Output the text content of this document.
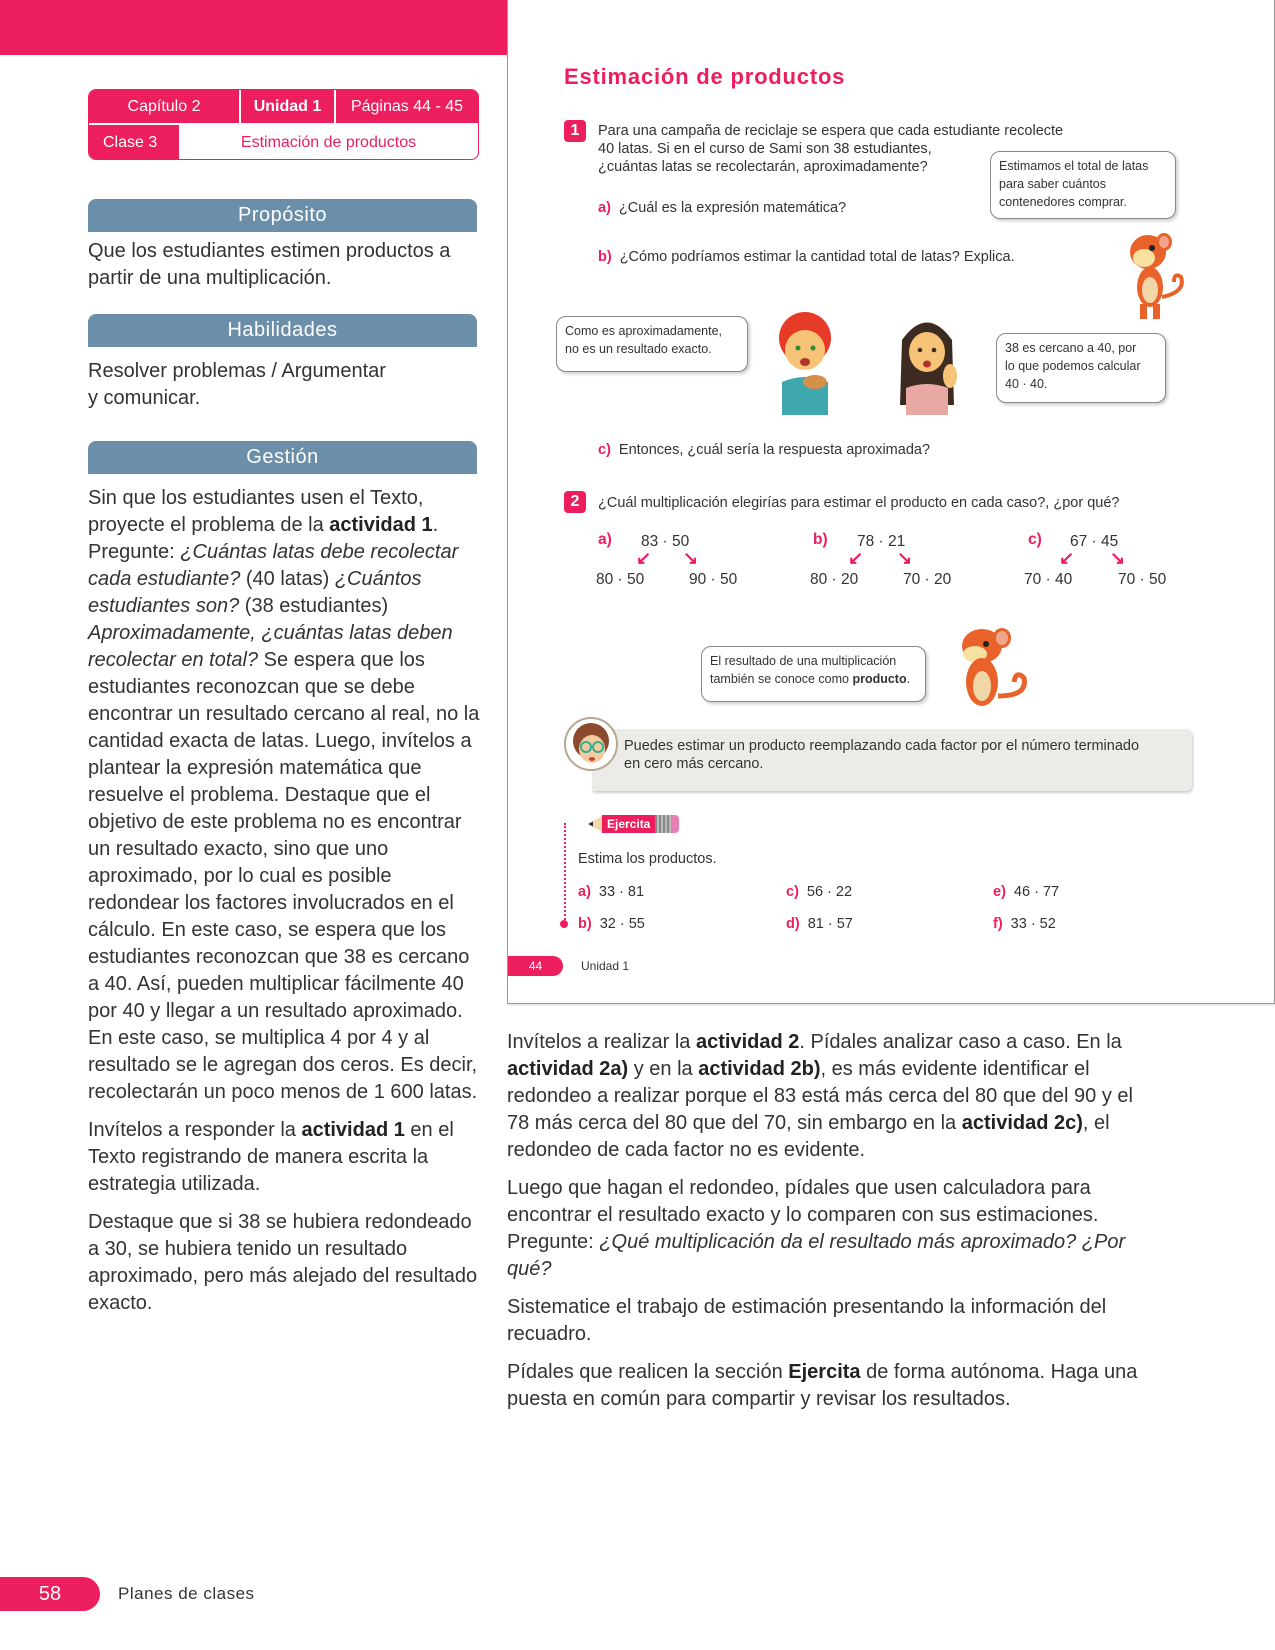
Capítulo 2	Unidad 1	Páginas 44 - 45
Clase 3	Estimación de productos
Propósito

Que los estudiantes estimen productos a partir de una multiplicación.

Habilidades
Resolver problemas / Argumentar
y comunicar.
Gestión

Sin que los estudiantes usen el Texto, proyecte el problema de la actividad 1. Pregunte: ¿Cuántas latas debe recolectar cada estudiante? (40 latas) ¿Cuántos estudiantes son? (38 estudiantes) Aproximadamente, ¿cuántas latas deben recolectar en total? Se espera que los estudiantes reconozcan que se debe encontrar un resultado cercano al real, no la cantidad exacta de latas. Luego, invítelos a plantear la expresión matemática que resuelve el problema. Destaque que el objetivo de este problema no es encontrar un resultado exacto, sino que uno aproximado, por lo cual es posible redondear los factores involucrados en el cálculo. En este caso, se espera que los estudiantes reconozcan que 38 es cercano a 40. Así, pueden multiplicar fácilmente 40 por 40 y llegar a un resultado aproximado. En este caso, se multiplica 4 por 4 y al resultado se le agregan dos ceros. Es decir, recolectarán un poco menos de 1 600 latas.

Invítelos a responder la actividad 1 en el Texto registrando de manera escrita la estrategia utilizada.

Destaque que si 38 se hubiera redondeado a 30, se hubiera tenido un resultado aproximado, pero más alejado del resultado exacto.

Estimación de productos
1	Para una campaña de reciclaje se espera que cada estudiante recolecte
40 latas. Si en el curso de Sami son 38 estudiantes,
¿cuántas latas se recolectarán, aproximadamente?
a) ¿Cuál es la expresión matemática?
b) ¿Cómo podríamos estimar la cantidad total de latas? Explica.
Estimamos el total de latas
para saber cuántos
contenedores comprar.
Como es aproximadamente,
no es un resultado exacto.	38 es cercano a 40, por
lo que podemos calcular
40 · 40.
c) Entonces, ¿cuál sería la respuesta aproximada?
2	¿Cuál multiplicación elegirías para estimar el producto en cada caso?, ¿por qué?
a)	83 · 50
↙ ↘
80 · 50	90 · 50
b)	78 · 21
↙ ↘
80 · 20	70 · 20
c)	67 · 45
↙ ↘
70 · 40	70 · 50
El resultado de una multiplicación
también se conoce como producto.
Puedes estimar un producto reemplazando cada factor por el número terminado
en cero más cercano.
Ejercita
Estima los productos.
a) 33 · 81
b) 32 · 55
c) 56 · 22
d) 81 · 57
e) 46 · 77
f) 33 · 52
44	Unidad 1

Invítelos a realizar la actividad 2. Pídales analizar caso a caso. En la actividad 2a) y en la actividad 2b), es más evidente identificar el redondeo a realizar porque el 83 está más cerca del 80 que del 90 y el 78 más cerca del 80 que del 70, sin embargo en la actividad 2c), el redondeo de cada factor no es evidente.

Luego que hagan el redondeo, pídales que usen calculadora para encontrar el resultado exacto y lo comparen con sus estimaciones. Pregunte: ¿Qué multiplicación da el resultado más aproximado? ¿Por qué?

Sistematice el trabajo de estimación presentando la información del recuadro.

Pídales que realicen la sección Ejercita de forma autónoma. Haga una puesta en común para compartir y revisar los resultados.

58	Planes de clases
